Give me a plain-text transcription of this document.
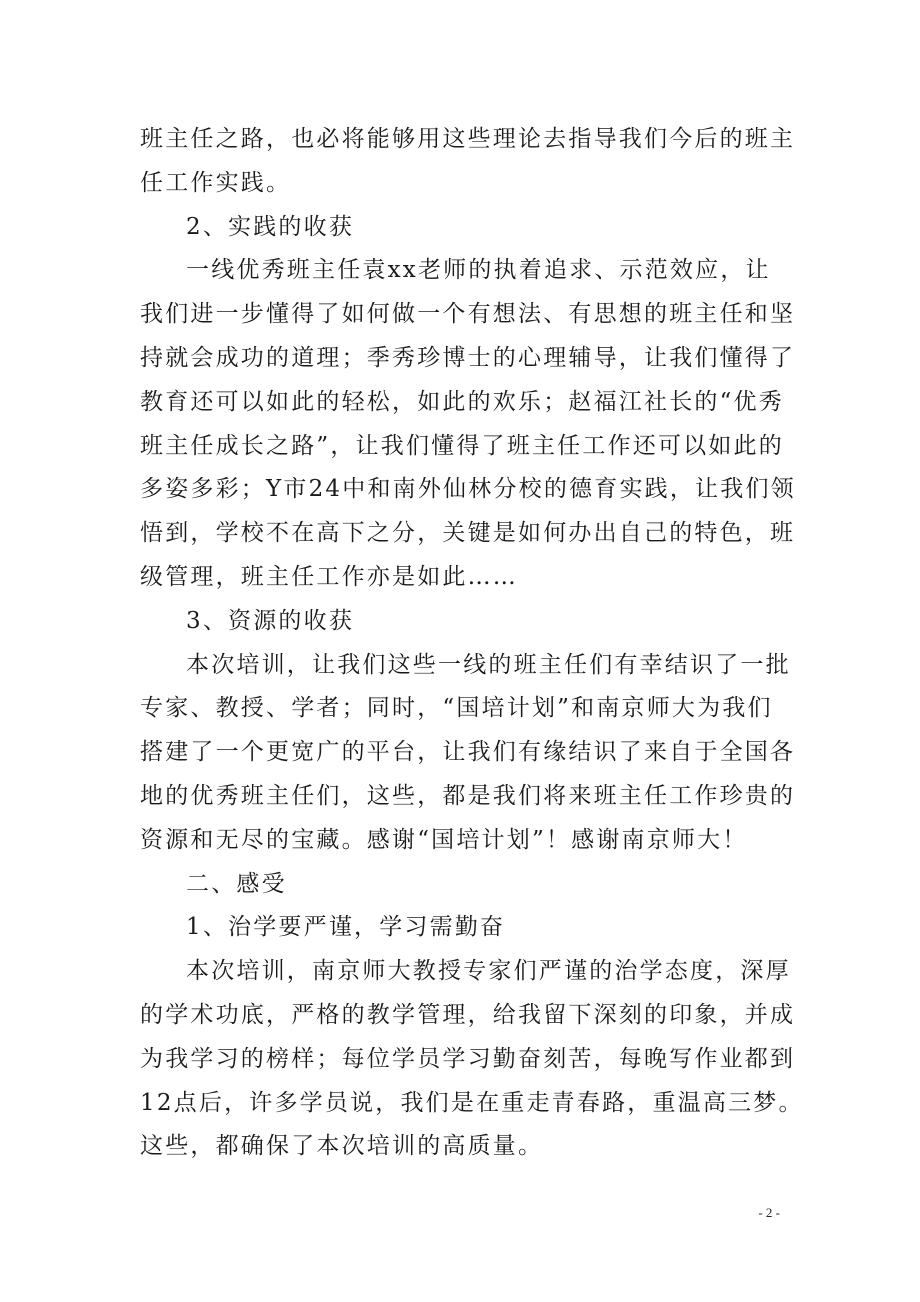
班主任之路，也必将能够用这些理论去指导我们今后的班主
任工作实践。
2、实践的收获
一线优秀班主任袁xx老师的执着追求、示范效应，让
我们进一步懂得了如何做一个有想法、有思想的班主任和坚
持就会成功的道理；季秀珍博士的心理辅导，让我们懂得了
教育还可以如此的轻松，如此的欢乐；赵福江社长的“优秀
班主任成长之路”，让我们懂得了班主任工作还可以如此的
多姿多彩；Y市24中和南外仙林分校的德育实践，让我们领
悟到，学校不在高下之分，关键是如何办出自己的特色，班
级管理，班主任工作亦是如此……
3、资源的收获
本次培训，让我们这些一线的班主任们有幸结识了一批
专家、教授、学者；同时，“国培计划”和南京师大为我们
搭建了一个更宽广的平台，让我们有缘结识了来自于全国各
地的优秀班主任们，这些，都是我们将来班主任工作珍贵的
资源和无尽的宝藏。感谢“国培计划”！感谢南京师大！
二、感受
1、治学要严谨，学习需勤奋
本次培训，南京师大教授专家们严谨的治学态度，深厚
的学术功底，严格的教学管理，给我留下深刻的印象，并成
为我学习的榜样；每位学员学习勤奋刻苦，每晚写作业都到
12点后，许多学员说，我们是在重走青春路，重温高三梦。
这些，都确保了本次培训的高质量。
- 2 -
